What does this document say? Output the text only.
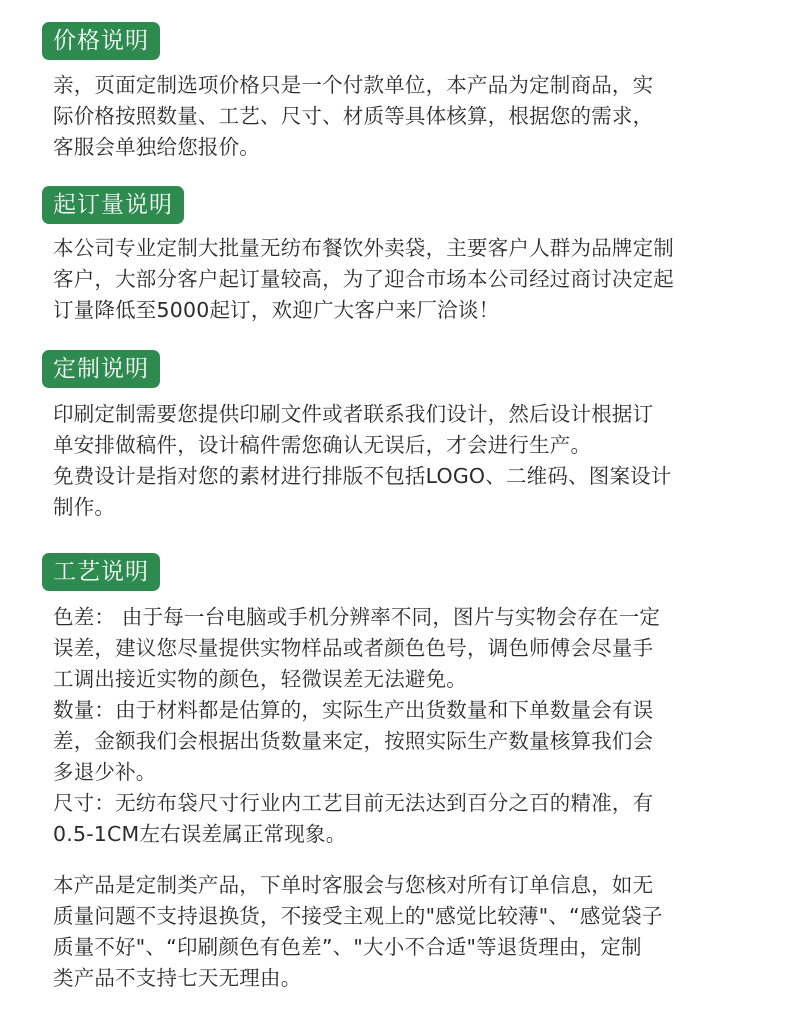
价格说明
亲，页面定制选项价格只是一个付款单位，本产品为定制商品，实
际价格按照数量、工艺、尺寸、材质等具体核算，根据您的需求，
客服会单独给您报价。
起订量说明
本公司专业定制大批量无纺布餐饮外卖袋，主要客户人群为品牌定制
客户，大部分客户起订量较高，为了迎合市场本公司经过商讨决定起
订量降低至5000起订，欢迎广大客户来厂洽谈！
定制说明
印刷定制需要您提供印刷文件或者联系我们设计，然后设计根据订
单安排做稿件，设计稿件需您确认无误后，才会进行生产。
免费设计是指对您的素材进行排版不包括LOGO、二维码、图案设计
制作。
工艺说明
色差： 由于每一台电脑或手机分辨率不同，图片与实物会存在一定
误差，建议您尽量提供实物样品或者颜色色号，调色师傅会尽量手
工调出接近实物的颜色，轻微误差无法避免。
数量：由于材料都是估算的，实际生产出货数量和下单数量会有误
差，金额我们会根据出货数量来定，按照实际生产数量核算我们会
多退少补。
尺寸：无纺布袋尺寸行业内工艺目前无法达到百分之百的精准，有
0.5-1CM左右误差属正常现象。
本产品是定制类产品，下单时客服会与您核对所有订单信息，如无
质量问题不支持退换货，不接受主观上的"感觉比较薄"、“感觉袋子
质量不好"、“印刷颜色有色差”、"大小不合适"等退货理由，定制
类产品不支持七天无理由。
